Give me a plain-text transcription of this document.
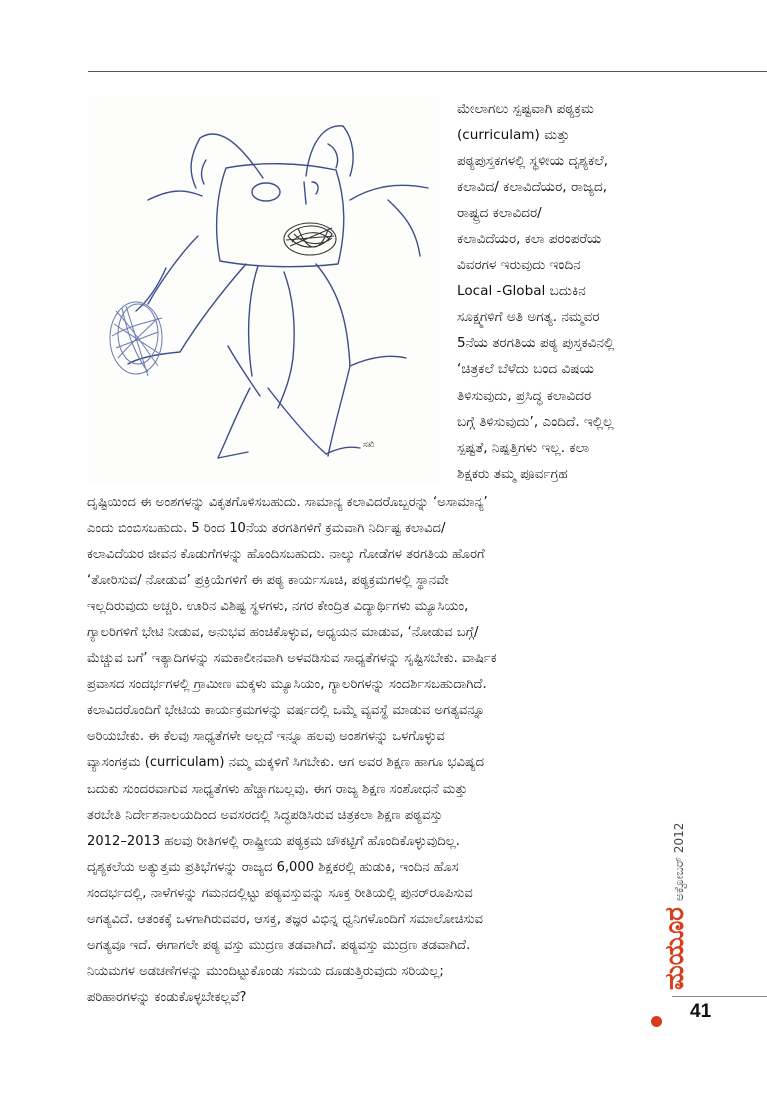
ಸಖಿ
ಮೇಲಾಗಲು ಸ್ಪಷ್ಟವಾಗಿ ಪಠ್ಯಕ್ರಮ
(curriculam) ಮತ್ತು
ಪಠ್ಯಪುಸ್ತಕಗಳಲ್ಲಿ ಸ್ಥಳೀಯ ದೃಶ್ಯಕಲೆ,
ಕಲಾವಿದ/ ಕಲಾವಿದೆಯರ, ರಾಜ್ಯದ,
ರಾಷ್ಟ್ರದ ಕಲಾವಿದರ/
ಕಲಾವಿದೆಯರ, ಕಲಾ ಪರಂಪರೆಯ
ವಿವರಗಳ ಇರುವುದು ಇಂದಿನ
Local -Global ಬದುಕಿನ
ಸೂಕ್ಷ್ಮಗಳಿಗೆ ಅತಿ ಅಗತ್ಯ. ನಮ್ಮವರ
5ನೆಯ ತರಗತಿಯ ಪಠ್ಯ ಪುಸ್ತಕವಿನಲ್ಲಿ
‘ಚಿತ್ರಕಲೆ ಬೆಳೆದು ಬಂದ ವಿಷಯ
ತಿಳಿಸುವುದು, ಪ್ರಸಿದ್ಧ ಕಲಾವಿದರ
ಬಗ್ಗೆ ತಿಳಿಸುವುದು’, ಎಂದಿದೆ. ಇಲ್ಲಿಲ್ಲ
ಸ್ಪಷ್ಟತೆ, ನಿಷ್ಪತ್ತಿಗಳು ಇಲ್ಲ. ಕಲಾ
ಶಿಕ್ಷಕರು ತಮ್ಮ ಪೂರ್ವಗ್ರಹ
ದೃಷ್ಟಿಯಿಂದ ಈ ಅಂಶಗಳನ್ನು ವಿಕೃತಗೊಳಿಸಬಹುದು. ಸಾಮಾನ್ಯ ಕಲಾವಿದರೊಬ್ಬರನ್ನು ‘ಅಸಾಮಾನ್ಯ’
ಎಂದು ಬಿಂಬಿಸಬಹುದು. 5 ರಿಂದ 10ನೆಯ ತರಗತಿಗಳಿಗೆ ಕ್ರಮವಾಗಿ ನಿರ್ದಿಷ್ಟ ಕಲಾವಿದ/
ಕಲಾವಿದೆಯರ ಜೀವನ ಕೊಡುಗೆಗಳನ್ನು ಹೊಂದಿಸಬಹುದು. ನಾಲ್ಕು ಗೋಡೆಗಳ ತರಗತಿಯ ಹೊರಗೆ
‘ತೋರಿಸುವ/ ನೋಡುವ’ ಪ್ರಕ್ರಿಯೆಗಳಿಗೆ ಈ ಪಠ್ಯ ಕಾರ್ಯಸೂಚಿ, ಪಠ್ಯಕ್ರಮಗಳಲ್ಲಿ ಸ್ಥಾನವೇ
ಇಲ್ಲದಿರುವುದು ಅಚ್ಚರಿ. ಊರಿನ ವಿಶಿಷ್ಟ ಸ್ಥಳಗಳು, ನಗರ ಕೇಂದ್ರಿತ ವಿದ್ಯಾರ್ಥಿಗಳು ಮ್ಯೂಸಿಯಂ,
ಗ್ಯಾಲರಿಗಳಿಗೆ ಭೇಟಿ ನೀಡುವ, ಅನುಭವ ಹಂಚಿಕೊಳ್ಳುವ, ಅಧ್ಯಯನ ಮಾಡುವ, ‘ನೋಡುವ ಬಗ್ಗೆ/
ಮೆಚ್ಚುವ ಬಗೆ’ ಇತ್ಯಾದಿಗಳನ್ನು ಸಮಕಾಲೀನವಾಗಿ ಅಳವಡಿಸುವ ಸಾಧ್ಯತೆಗಳನ್ನು ಸೃಷ್ಟಿಸಬೇಕು. ವಾರ್ಷಿಕ
ಪ್ರವಾಸದ ಸಂದರ್ಭಗಳಲ್ಲಿ ಗ್ರಾಮೀಣ ಮಕ್ಕಳು ಮ್ಯೂಸಿಯಂ, ಗ್ಯಾಲರಿಗಳನ್ನು ಸಂದರ್ಶಿಸಬಹುದಾಗಿದೆ.
ಕಲಾವಿದರೊಂದಿಗೆ ಭೇಟಿಯ ಕಾರ್ಯಕ್ರಮಗಳನ್ನು ವರ್ಷದಲ್ಲಿ ಒಮ್ಮೆ ವ್ಯವಸ್ಥೆ ಮಾಡುವ ಅಗತ್ಯವನ್ನೂ
ಅರಿಯಬೇಕು. ಈ ಕೆಲವು ಸಾಧ್ಯತೆಗಳೇ ಅಲ್ಲದೆ ಇನ್ನೂ ಹಲವು ಅಂಶಗಳನ್ನು ಒಳಗೊಳ್ಳುವ
ವ್ಯಾಸಂಗಕ್ರಮ (curriculam) ನಮ್ಮ ಮಕ್ಕಳಿಗೆ ಸಿಗಬೇಕು. ಆಗ ಅವರ ಶಿಕ್ಷಣ ಹಾಗೂ ಭವಿಷ್ಯದ
ಬದುಕು ಸುಂದರವಾಗುವ ಸಾಧ್ಯತೆಗಳು ಹೆಚ್ಚಾಗಬಲ್ಲವು. ಈಗ ರಾಜ್ಯ ಶಿಕ್ಷಣ ಸಂಶೋಧನೆ ಮತ್ತು
ತರಬೇತಿ ನಿರ್ದೇಶನಾಲಯದಿಂದ ಅವಸರದಲ್ಲಿ ಸಿದ್ಧಪಡಿಸಿರುವ ಚಿತ್ರಕಲಾ ಶಿಕ್ಷಣ ಪಠ್ಯವಸ್ತು
2012–2013 ಹಲವು ರೀತಿಗಳಲ್ಲಿ ರಾಷ್ಟ್ರೀಯ ಪಠ್ಯಕ್ರಮ ಚೌಕಟ್ಟಿಗೆ ಹೊಂದಿಕೊಳ್ಳುವುದಿಲ್ಲ.
ದೃಶ್ಯಕಲೆಯ ಅತ್ಯುತ್ತಮ ಪ್ರತಿಭೆಗಳನ್ನು ರಾಜ್ಯದ 6,000 ಶಿಕ್ಷಕರಲ್ಲಿ ಹುಡುಕಿ, ಇಂದಿನ ಹೊಸ
ಸಂದರ್ಭದಲ್ಲಿ, ನಾಳೆಗಳನ್ನು ಗಮನದಲ್ಲಿಟ್ಟು ಪಠ್ಯವಸ್ತುವನ್ನು ಸೂಕ್ತ ರೀತಿಯಲ್ಲಿ ಪುನರ್‌ರೂಪಿಸುವ
ಅಗತ್ಯವಿದೆ. ಆತಂಕಕ್ಕೆ ಒಳಗಾಗಿರುವವರ, ಆಸಕ್ತ, ತಜ್ಞರ ವಿಭಿನ್ನ ಧ್ವನಿಗಳೊಂದಿಗೆ ಸಮಾಲೋಚಿಸುವ
ಅಗತ್ಯವೂ ಇದೆ. ಈಗಾಗಲೇ ಪಠ್ಯ ವಸ್ತು ಮುದ್ರಣ ತಡವಾಗಿದೆ. ಪಠ್ಯವಸ್ತು ಮುದ್ರಣ ತಡವಾಗಿದೆ.
ನಿಯಮಗಳ ಅಡಚಣೆಗಳನ್ನು ಮುಂದಿಟ್ಟುಕೊಂಡು ಸಮಯ ದೂಡುತ್ತಿರುವುದು ಸರಿಯಲ್ಲ;
ಪರಿಹಾರಗಳನ್ನು ಕಂಡುಕೊಳ್ಳಬೇಕಲ್ಲವೆ?
ಮಯೂರ
ಅಕ್ಟೋಬರ್ 2012
41
